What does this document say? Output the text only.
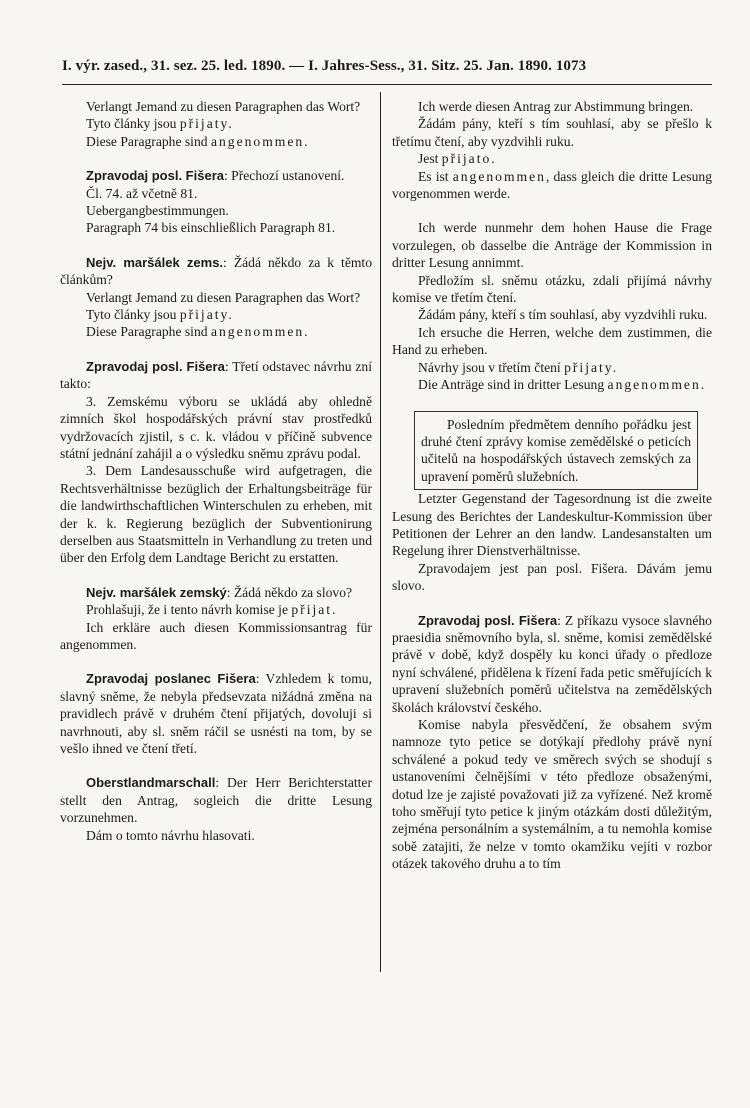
I. výr. zased., 31. sez. 25. led. 1890. — I. Jahres-Sess., 31. Sitz. 25. Jan. 1890. 1073

Verlangt Jemand zu diesen Paragraphen das Wort?

Tyto články jsou přijaty.

Diese Paragraphe sind angenommen.

Zpravodaj posl. Fišera: Přechozí ustanovení.

Čl. 74. až včetně 81.

Uebergangbestimmungen.

Paragraph 74 bis einschließlich Paragraph 81.

Nejv. maršálek zems.: Žádá někdo za k těmto článkům?

Verlangt Jemand zu diesen Paragraphen das Wort?

Tyto články jsou přijaty.

Diese Paragraphe sind angenommen.

Zpravodaj posl. Fišera: Třetí odstavec návrhu zní takto:

3. Zemskému výboru se ukládá aby ohledně zimních škol hospodářských právní stav prostředků vydržovacích zjistil, s c. k. vládou v příčině subvence státní jednání zahájil a o výsledku sněmu zprávu podal.

3. Dem Landesausschuße wird aufgetragen, die Rechtsverhältnisse bezüglich der Erhaltungsbeiträge für die landwirthschaftlichen Winterschulen zu erheben, mit der k. k. Regierung bezüglich der Subventionirung derselben aus Staatsmitteln in Verhandlung zu treten und über den Erfolg dem Landtage Bericht zu erstatten.

Nejv. maršálek zemský: Žádá někdo za slovo?

Prohlašuji, že i tento návrh komise je přijat.

Ich erkläre auch diesen Kommissionsantrag für angenommen.

Zpravodaj poslanec Fišera: Vzhledem k tomu, slavný sněme, že nebyla předsevzata nižádná změna na pravidlech právě v druhém čtení přijatých, dovoluji si navrhnouti, aby sl. sněm ráčil se usnésti na tom, by se vešlo ihned ve čtení třetí.

Oberstlandmarschall: Der Herr Berichterstatter stellt den Antrag, sogleich die dritte Lesung vorzunehmen.

Dám o tomto návrhu hlasovati.

Ich werde diesen Antrag zur Abstimmung bringen.

Žádám pány, kteří s tím souhlasí, aby se přešlo k třetímu čtení, aby vyzdvihli ruku.

Jest přijato.

Es ist angenommen, dass gleich die dritte Lesung vorgenommen werde.

Ich werde nunmehr dem hohen Hause die Frage vorzulegen, ob dasselbe die Anträge der Kommission in dritter Lesung annimmt.

Předložím sl. sněmu otázku, zdali přijímá návrhy komise ve třetím čtení.

Žádám pány, kteří s tím souhlasí, aby vyzdvihli ruku.

Ich ersuche die Herren, welche dem zustimmen, die Hand zu erheben.

Návrhy jsou v třetím čtení přijaty.

Die Anträge sind in dritter Lesung angenommen.

Posledním předmětem denního pořádku jest druhé čtení zprávy komise zemědělské o peticích učitelů na hospodářských ústavech zemských za upravení poměrů služebních.

Letzter Gegenstand der Tagesordnung ist die zweite Lesung des Berichtes der Landeskultur-Kommission über Petitionen der Lehrer an den landw. Landesanstalten um Regelung ihrer Dienstverhältnisse.

Zpravodajem jest pan posl. Fišera. Dávám jemu slovo.

Zpravodaj posl. Fišera: Z příkazu vysoce slavného praesidia sněmovního byla, sl. sněme, komisi zemědělské právě v době, když dospěly ku konci úřady o předloze nyní schválené, přidělena k řízení řada petic směřujících k upravení služebních poměrů učitelstva na zemědělských školách království českého.

Komise nabyla přesvědčení, že obsahem svým namnoze tyto petice se dotýkají předlohy právě nyní schválené a pokud tedy ve směrech svých se shodují s ustanoveními čelnějšími v této předloze obsaženými, dotud lze je zajisté považovati již za vyřízené. Než kromě toho směřují tyto petice k jiným otázkám dosti důležitým, zejména personálním a systemálním, a tu nemohla komise sobě zatajiti, že nelze v tomto okamžiku vejíti v rozbor otázek takového druhu a to tím
